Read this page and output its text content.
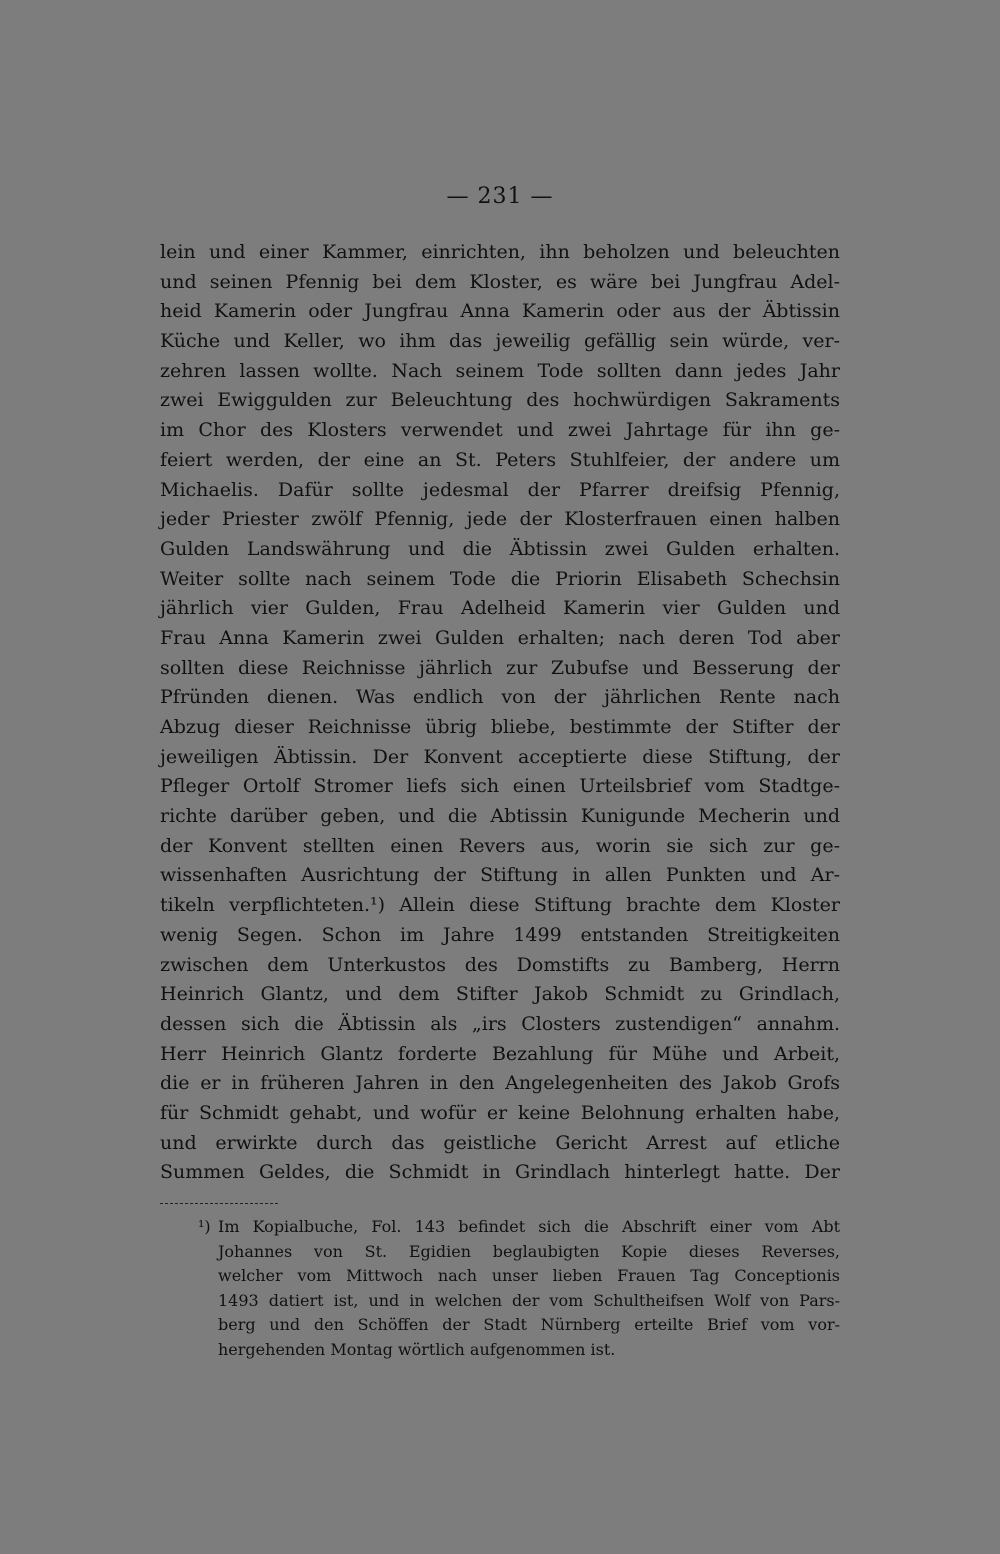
— 231 —
lein und einer Kammer, einrichten, ihn beholzen und beleuchten
und seinen Pfennig bei dem Kloster, es wäre bei Jungfrau Adel-
heid Kamerin oder Jungfrau Anna Kamerin oder aus der Äbtissin
Küche und Keller, wo ihm das jeweilig gefällig sein würde, ver-
zehren lassen wollte. Nach seinem Tode sollten dann jedes Jahr
zwei Ewiggulden zur Beleuchtung des hochwürdigen Sakraments
im Chor des Klosters verwendet und zwei Jahrtage für ihn ge-
feiert werden, der eine an St. Peters Stuhlfeier, der andere um
Michaelis. Dafür sollte jedesmal der Pfarrer dreifsig Pfennig,
jeder Priester zwölf Pfennig, jede der Klosterfrauen einen halben
Gulden Landswährung und die Äbtissin zwei Gulden erhalten.
Weiter sollte nach seinem Tode die Priorin Elisabeth Schechsin
jährlich vier Gulden, Frau Adelheid Kamerin vier Gulden und
Frau Anna Kamerin zwei Gulden erhalten; nach deren Tod aber
sollten diese Reichnisse jährlich zur Zubufse und Besserung der
Pfründen dienen. Was endlich von der jährlichen Rente nach
Abzug dieser Reichnisse übrig bliebe, bestimmte der Stifter der
jeweiligen Äbtissin. Der Konvent acceptierte diese Stiftung, der
Pfleger Ortolf Stromer liefs sich einen Urteilsbrief vom Stadtge-
richte darüber geben, und die Abtissin Kunigunde Mecherin und
der Konvent stellten einen Revers aus, worin sie sich zur ge-
wissenhaften Ausrichtung der Stiftung in allen Punkten und Ar-
tikeln verpflichteten.¹) Allein diese Stiftung brachte dem Kloster
wenig Segen. Schon im Jahre 1499 entstanden Streitigkeiten
zwischen dem Unterkustos des Domstifts zu Bamberg, Herrn
Heinrich Glantz, und dem Stifter Jakob Schmidt zu Grindlach,
dessen sich die Äbtissin als „irs Closters zustendigen“ annahm.
Herr Heinrich Glantz forderte Bezahlung für Mühe und Arbeit,
die er in früheren Jahren in den Angelegenheiten des Jakob Grofs
für Schmidt gehabt, und wofür er keine Belohnung erhalten habe,
und erwirkte durch das geistliche Gericht Arrest auf etliche
Summen Geldes, die Schmidt in Grindlach hinterlegt hatte. Der
¹) Im Kopialbuche, Fol. 143 befindet sich die Abschrift einer vom Abt
Johannes von St. Egidien beglaubigten Kopie dieses Reverses,
welcher vom Mittwoch nach unser lieben Frauen Tag Conceptionis
1493 datiert ist, und in welchen der vom Schultheifsen Wolf von Pars-
berg und den Schöffen der Stadt Nürnberg erteilte Brief vom vor-
hergehenden Montag wörtlich aufgenommen ist.
